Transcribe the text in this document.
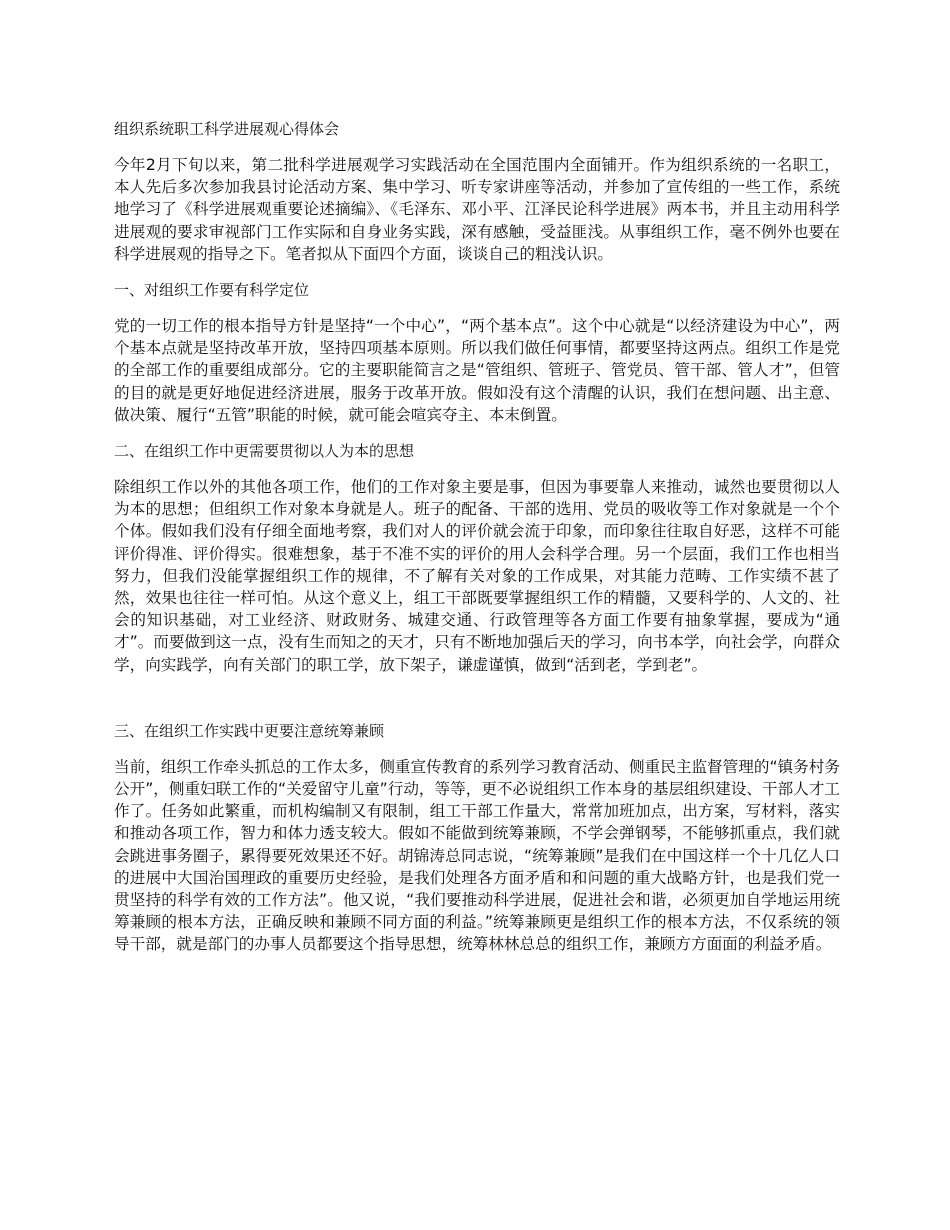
组织系统职工科学进展观心得体会

今年2月下旬以来，第二批科学进展观学习实践活动在全国范围内全面铺开。作为组织系统的一名职工，本人先后多次参加我县讨论活动方案、集中学习、听专家讲座等活动，并参加了宣传组的一些工作，系统地学习了《科学进展观重要论述摘编》、《毛泽东、邓小平、江泽民论科学进展》两本书，并且主动用科学进展观的要求审视部门工作实际和自身业务实践，深有感触，受益匪浅。从事组织工作，毫不例外也要在科学进展观的指导之下。笔者拟从下面四个方面，谈谈自己的粗浅认识。

一、对组织工作要有科学定位

党的一切工作的根本指导方针是坚持“一个中心”，“两个基本点”。这个中心就是“以经济建设为中心”，两个基本点就是坚持改革开放，坚持四项基本原则。所以我们做任何事情，都要坚持这两点。组织工作是党的全部工作的重要组成部分。它的主要职能简言之是“管组织、管班子、管党员、管干部、管人才”，但管的目的就是更好地促进经济进展，服务于改革开放。假如没有这个清醒的认识，我们在想问题、出主意、做决策、履行“五管”职能的时候，就可能会喧宾夺主、本末倒置。

二、在组织工作中更需要贯彻以人为本的思想

除组织工作以外的其他各项工作，他们的工作对象主要是事，但因为事要靠人来推动，诚然也要贯彻以人为本的思想；但组织工作对象本身就是人。班子的配备、干部的选用、党员的吸收等工作对象就是一个个个体。假如我们没有仔细全面地考察，我们对人的评价就会流于印象，而印象往往取自好恶，这样不可能评价得准、评价得实。很难想象，基于不准不实的评价的用人会科学合理。另一个层面，我们工作也相当努力，但我们没能掌握组织工作的规律，不了解有关对象的工作成果，对其能力范畴、工作实绩不甚了然，效果也往往一样可怕。从这个意义上，组工干部既要掌握组织工作的精髓，又要科学的、人文的、社会的知识基础，对工业经济、财政财务、城建交通、行政管理等各方面工作要有抽象掌握，要成为“通才”。而要做到这一点，没有生而知之的天才，只有不断地加强后天的学习，向书本学，向社会学，向群众学，向实践学，向有关部门的职工学，放下架子，谦虚谨慎，做到“活到老，学到老”。

三、在组织工作实践中更要注意统筹兼顾

当前，组织工作牵头抓总的工作太多，侧重宣传教育的系列学习教育活动、侧重民主监督管理的“镇务村务公开”，侧重妇联工作的“关爱留守儿童”行动，等等，更不必说组织工作本身的基层组织建设、干部人才工作了。任务如此繁重，而机构编制又有限制，组工干部工作量大，常常加班加点，出方案，写材料，落实和推动各项工作，智力和体力透支较大。假如不能做到统筹兼顾，不学会弹钢琴，不能够抓重点，我们就会跳进事务圈子，累得要死效果还不好。胡锦涛总同志说，“统筹兼顾”是我们在中国这样一个十几亿人口的进展中大国治国理政的重要历史经验，是我们处理各方面矛盾和和问题的重大战略方针，也是我们党一贯坚持的科学有效的工作方法”。他又说，“我们要推动科学进展，促进社会和谐，必须更加自学地运用统筹兼顾的根本方法，正确反映和兼顾不同方面的利益。”统筹兼顾更是组织工作的根本方法，不仅系统的领导干部，就是部门的办事人员都要这个指导思想，统筹林林总总的组织工作，兼顾方方面面的利益矛盾。
